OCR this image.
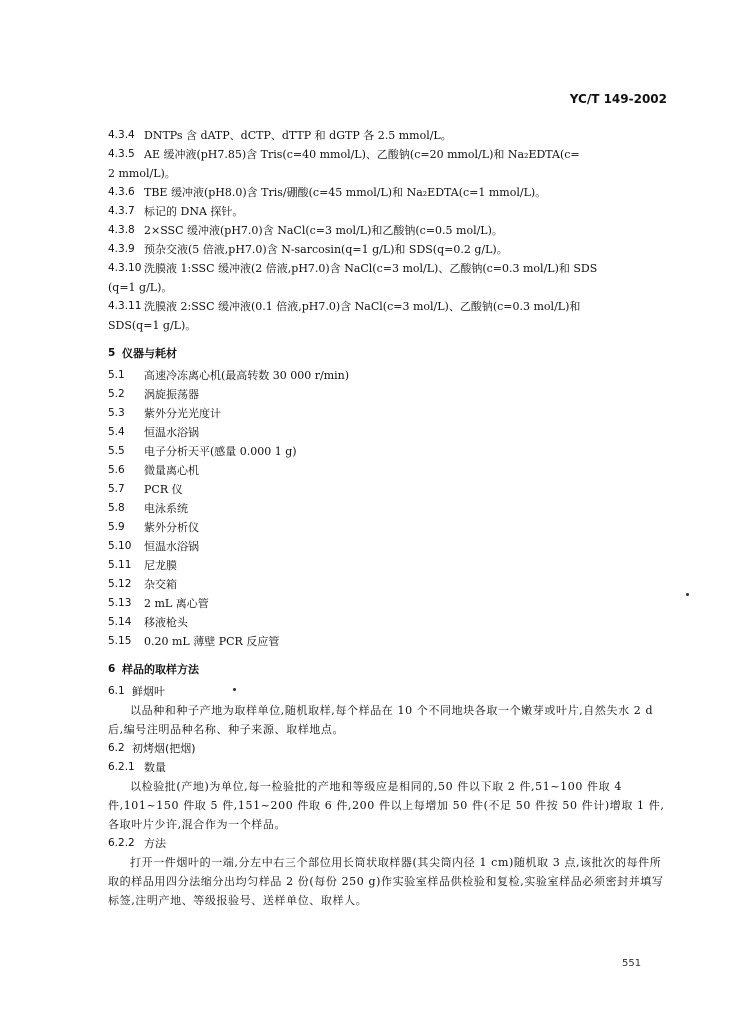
YC/T 149-2002
4.3.4 DNTPs 含 dATP、dCTP、dTTP 和 dGTP 各 2.5 mmol/L。
4.3.5 AE 缓冲液(pH7.85)含 Tris(c=40 mmol/L)、乙酸钠(c=20 mmol/L)和 Na₂EDTA(c=
2 mmol/L)。
4.3.6 TBE 缓冲液(pH8.0)含 Tris/硼酸(c=45 mmol/L)和 Na₂EDTA(c=1 mmol/L)。
4.3.7 标记的 DNA 探针。
4.3.8 2×SSC 缓冲液(pH7.0)含 NaCl(c=3 mol/L)和乙酸钠(c=0.5 mol/L)。
4.3.9 预杂交液(5 倍液,pH7.0)含 N-sarcosin(q=1 g/L)和 SDS(q=0.2 g/L)。
4.3.10 洗膜液 1:SSC 缓冲液(2 倍液,pH7.0)含 NaCl(c=3 mol/L)、乙酸钠(c=0.3 mol/L)和 SDS
(q=1 g/L)。
4.3.11 洗膜液 2:SSC 缓冲液(0.1 倍液,pH7.0)含 NaCl(c=3 mol/L)、乙酸钠(c=0.3 mol/L)和
SDS(q=1 g/L)。
5 仪器与耗材
5.1	高速冷冻离心机(最高转数 30 000 r/min)
5.2	涡旋振荡器
5.3	紫外分光光度计
5.4	恒温水浴锅
5.5	电子分析天平(感量 0.000 1 g)
5.6	微量离心机
5.7	PCR 仪
5.8	电泳系统
5.9	紫外分析仪
5.10	恒温水浴锅
5.11	尼龙膜
5.12	杂交箱
5.13	2 mL 离心管
5.14	移液枪头
5.15	0.20 mL 薄壁 PCR 反应管
6 样品的取样方法
6.1 鲜烟叶
以品种和种子产地为取样单位,随机取样,每个样品在 10 个不同地块各取一个嫩芽或叶片,自然失水 2 d 后,编号注明品种名称、种子来源、取样地点。
6.2 初烤烟(把烟)
6.2.1 数量
以检验批(产地)为单位,每一检验批的产地和等级应是相同的,50 件以下取 2 件,51~100 件取 4 件,101~150 件取 5 件,151~200 件取 6 件,200 件以上每增加 50 件(不足 50 件按 50 件计)增取 1 件,各取叶片少许,混合作为一个样品。
6.2.2 方法
打开一件烟叶的一端,分左中右三个部位用长筒状取样器(其尖筒内径 1 cm)随机取 3 点,该批次的每件所取的样品用四分法缩分出均匀样品 2 份(每份 250 g)作实验室样品供检验和复检,实验室样品必须密封并填写标签,注明产地、等级报验号、送样单位、取样人。
551
